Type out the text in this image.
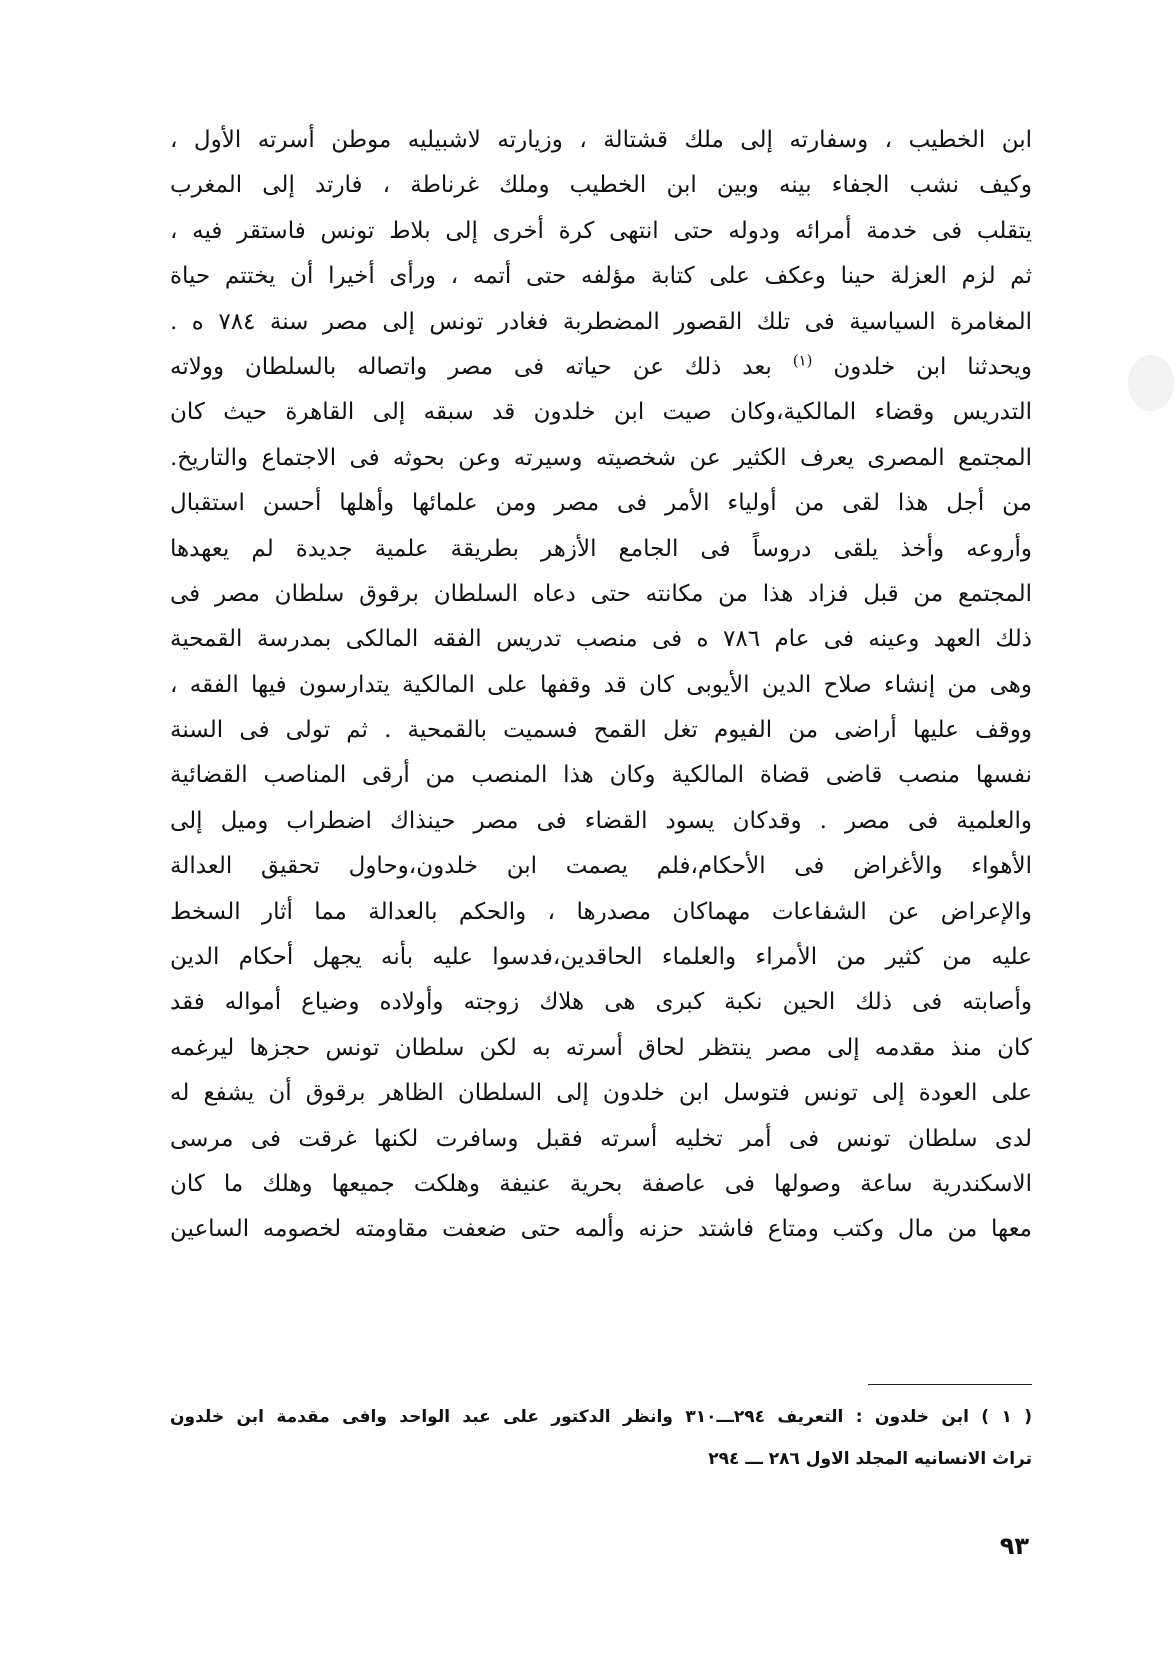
ابن الخطيب ، وسفارته إلى ملك قشتالة ، وزيارته لاشبيليه موطن أسرته الأول ،
وكيف نشب الجفاء بينه وبين ابن الخطيب وملك غرناطة ، فارتد إلى المغرب
يتقلب فى خدمة أمرائه ودوله حتى انتهى كرة أخرى إلى بلاط تونس فاستقر فيه ،
ثم لزم العزلة حينا وعكف على كتابة مؤلفه حتى أتمه ، ورأى أخيرا أن يختتم حياة
المغامرة السياسية فى تلك القصور المضطربة فغادر تونس إلى مصر سنة ٧٨٤ ه .
ويحدثنا ابن خلدون $^{(١)}$ بعد ذلك عن حياته فى مصر واتصاله بالسلطان وولاته
التدريس وقضاء المالكية،وكان صيت ابن خلدون قد سبقه إلى القاهرة حيث كان
المجتمع المصرى يعرف الكثير عن شخصيته وسيرته وعن بحوثه فى الاجتماع والتاريخ.
من أجل هذا لقى من أولياء الأمر فى مصر ومن علمائها وأهلها أحسن استقبال
وأروعه وأخذ يلقى دروساً فى الجامع الأزهر بطريقة علمية جديدة لم يعهدها
المجتمع من قبل فزاد هذا من مكانته حتى دعاه السلطان برقوق سلطان مصر فى
ذلك العهد وعينه فى عام ٧٨٦ ه فى منصب تدريس الفقه المالكى بمدرسة القمحية
وهى من إنشاء صلاح الدين الأيوبى كان قد وقفها على المالكية يتدارسون فيها الفقه ،
ووقف عليها أراضى من الفيوم تغل القمح فسميت بالقمحية . ثم تولى فى السنة
نفسها منصب قاضى قضاة المالكية وكان هذا المنصب من أرقى المناصب القضائية
والعلمية فى مصر . وقدكان يسود القضاء فى مصر حينذاك اضطراب وميل إلى
الأهواء والأغراض فى الأحكام،فلم يصمت ابن خلدون،وحاول تحقيق العدالة
والإعراض عن الشفاعات مهماكان مصدرها ، والحكم بالعدالة مما أثار السخط
عليه من كثير من الأمراء والعلماء الحاقدين،فدسوا عليه بأنه يجهل أحكام الدين
وأصابته فى ذلك الحين نكبة كبرى هى هلاك زوجته وأولاده وضياع أمواله فقد
كان منذ مقدمه إلى مصر ينتظر لحاق أسرته به لكن سلطان تونس حجزها ليرغمه
على العودة إلى تونس فتوسل ابن خلدون إلى السلطان الظاهر برقوق أن يشفع له
لدى سلطان تونس فى أمر تخليه أسرته فقبل وسافرت لكنها غرقت فى مرسى
الاسكندرية ساعة وصولها فى عاصفة بحرية عنيفة وهلكت جميعها وهلك ما كان
معها من مال وكتب ومتاع فاشتد حزنه وألمه حتى ضعفت مقاومته لخصومه الساعين
( ١ ) ابن خلدون : التعريف ٢٩٤ـــ٣١٠ وانظر الدكتور على عبد الواحد وافى مقدمة ابن خلدون
تراث الانسانيه المجلد الاول ٢٨٦ ـــ ٢٩٤
٩٣
